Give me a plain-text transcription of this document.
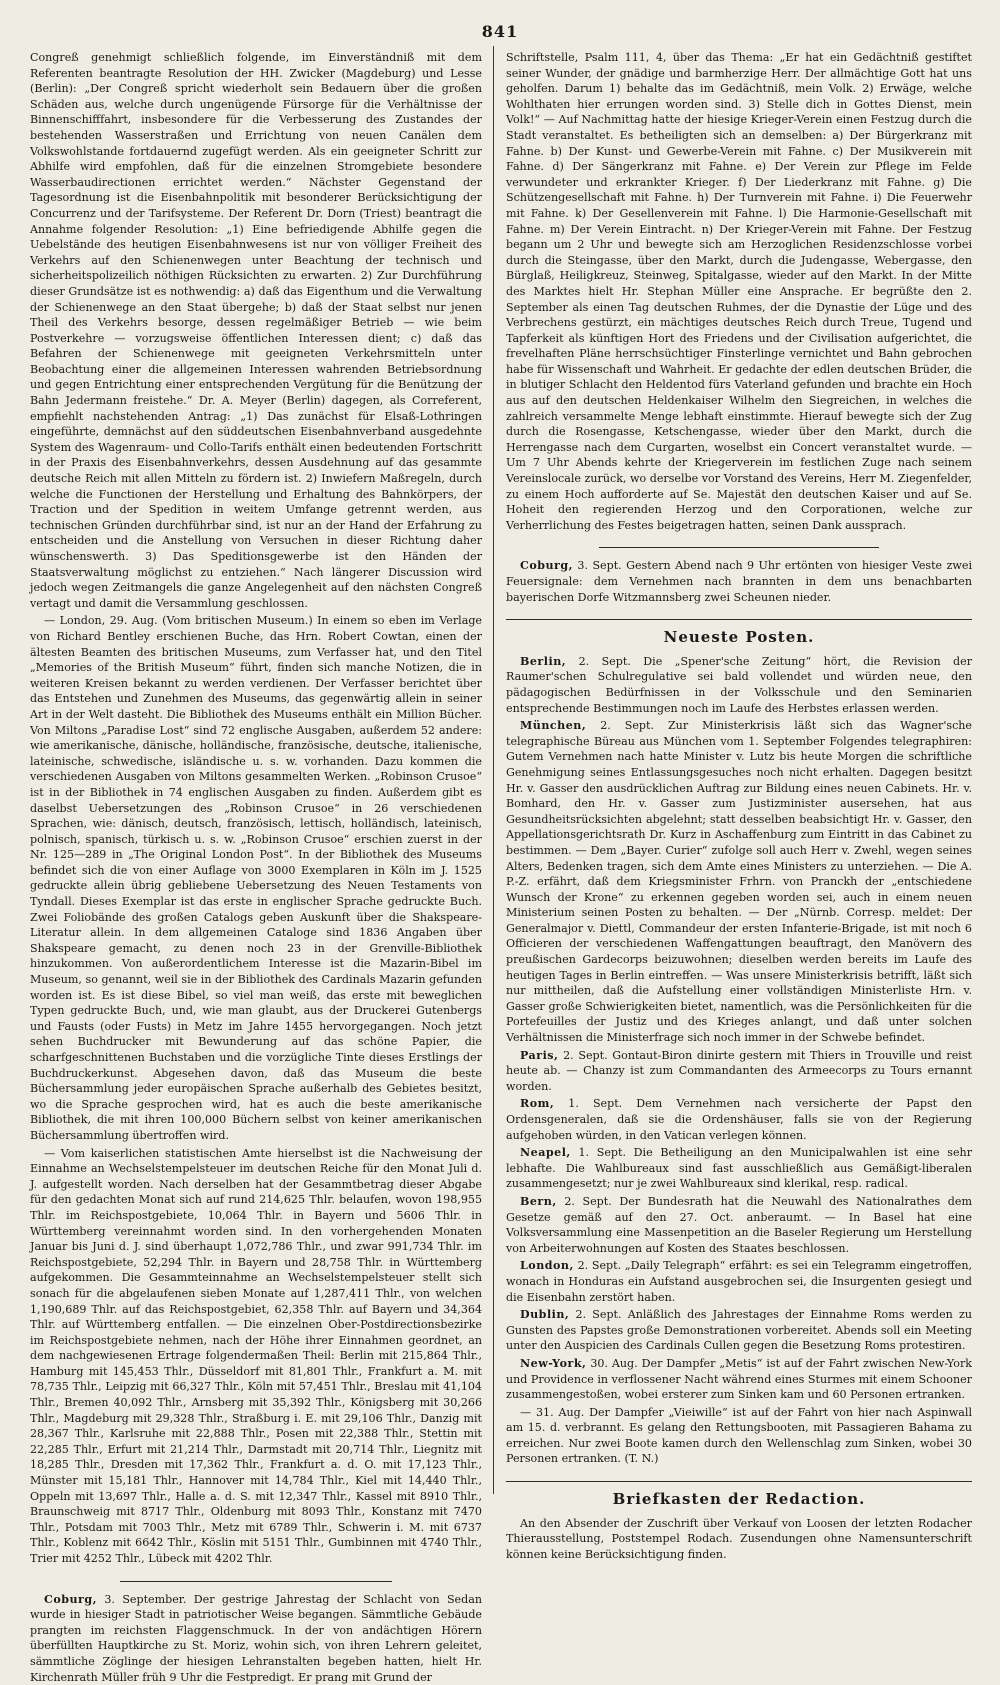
841

Congreß genehmigt schließlich folgende, im Einverständniß mit dem Referenten beantragte Resolution der HH. Zwicker (Magdeburg) und Lesse (Berlin): „Der Congreß spricht wiederholt sein Bedauern über die großen Schäden aus, welche durch ungenügende Fürsorge für die Verhältnisse der Binnenschifffahrt, insbesondere für die Verbesserung des Zustandes der bestehenden Wasserstraßen und Errichtung von neuen Canälen dem Volkswohlstande fortdauernd zugefügt werden. Als ein geeigneter Schritt zur Abhilfe wird empfohlen, daß für die einzelnen Stromgebiete besondere Wasserbaudirectionen errichtet werden.“ Nächster Gegenstand der Tagesordnung ist die Eisenbahnpolitik mit besonderer Berücksichtigung der Concurrenz und der Tarifsysteme. Der Referent Dr. Dorn (Triest) beantragt die Annahme folgender Resolution: „1) Eine befriedigende Abhilfe gegen die Uebelstände des heutigen Eisenbahnwesens ist nur von völliger Freiheit des Verkehrs auf den Schienenwegen unter Beachtung der technisch und sicherheitspolizeilich nöthigen Rücksichten zu erwarten. 2) Zur Durchführung dieser Grundsätze ist es nothwendig: a) daß das Eigenthum und die Verwaltung der Schienenwege an den Staat übergehe; b) daß der Staat selbst nur jenen Theil des Verkehrs besorge, dessen regelmäßiger Betrieb — wie beim Postverkehre — vorzugsweise öffentlichen Interessen dient; c) daß das Befahren der Schienenwege mit geeigneten Verkehrsmitteln unter Beobachtung einer die allgemeinen Interessen wahrenden Betriebsordnung und gegen Entrichtung einer entsprechenden Vergütung für die Benützung der Bahn Jedermann freistehe.“ Dr. A. Meyer (Berlin) dagegen, als Correferent, empfiehlt nachstehenden Antrag: „1) Das zunächst für Elsaß-Lothringen eingeführte, demnächst auf den süddeutschen Eisenbahnverband ausgedehnte System des Wagenraum- und Collo-Tarifs enthält einen bedeutenden Fortschritt in der Praxis des Eisenbahnverkehrs, dessen Ausdehnung auf das gesammte deutsche Reich mit allen Mitteln zu fördern ist. 2) Inwiefern Maßregeln, durch welche die Functionen der Herstellung und Erhaltung des Bahnkörpers, der Traction und der Spedition in weitem Umfange getrennt werden, aus technischen Gründen durchführbar sind, ist nur an der Hand der Erfahrung zu entscheiden und die Anstellung von Versuchen in dieser Richtung daher wünschenswerth. 3) Das Speditionsgewerbe ist den Händen der Staatsverwaltung möglichst zu entziehen.“ Nach längerer Discussion wird jedoch wegen Zeitmangels die ganze Angelegenheit auf den nächsten Congreß vertagt und damit die Versammlung geschlossen.

— London, 29. Aug. (Vom britischen Museum.) In einem so eben im Verlage von Richard Bentley erschienen Buche, das Hrn. Robert Cowtan, einen der ältesten Beamten des britischen Museums, zum Verfasser hat, und den Titel „Memories of the British Museum“ führt, finden sich manche Notizen, die in weiteren Kreisen bekannt zu werden verdienen. Der Verfasser berichtet über das Entstehen und Zunehmen des Museums, das gegenwärtig allein in seiner Art in der Welt dasteht. Die Bibliothek des Museums enthält ein Million Bücher. Von Miltons „Paradise Lost“ sind 72 englische Ausgaben, außerdem 52 andere: wie amerikanische, dänische, holländische, französische, deutsche, italienische, lateinische, schwedische, isländische u. s. w. vorhanden. Dazu kommen die verschiedenen Ausgaben von Miltons gesammelten Werken. „Robinson Crusoe“ ist in der Bibliothek in 74 englischen Ausgaben zu finden. Außerdem gibt es daselbst Uebersetzungen des „Robinson Crusoe“ in 26 verschiedenen Sprachen, wie: dänisch, deutsch, französisch, lettisch, holländisch, lateinisch, polnisch, spanisch, türkisch u. s. w. „Robinson Crusoe“ erschien zuerst in der Nr. 125—289 in „The Original London Post“. In der Bibliothek des Museums befindet sich die von einer Auflage von 3000 Exemplaren in Köln im J. 1525 gedruckte allein übrig gebliebene Uebersetzung des Neuen Testaments von Tyndall. Dieses Exemplar ist das erste in englischer Sprache gedruckte Buch. Zwei Foliobände des großen Catalogs geben Auskunft über die Shakspeare-Literatur allein. In dem allgemeinen Cataloge sind 1836 Angaben über Shakspeare gemacht, zu denen noch 23 in der Grenville-Bibliothek hinzukommen. Von außerordentlichem Interesse ist die Mazarin-Bibel im Museum, so genannt, weil sie in der Bibliothek des Cardinals Mazarin gefunden worden ist. Es ist diese Bibel, so viel man weiß, das erste mit beweglichen Typen gedruckte Buch, und, wie man glaubt, aus der Druckerei Gutenbergs und Fausts (oder Fusts) in Metz im Jahre 1455 hervorgegangen. Noch jetzt sehen Buchdrucker mit Bewunderung auf das schöne Papier, die scharfgeschnittenen Buchstaben und die vorzügliche Tinte dieses Erstlings der Buchdruckerkunst. Abgesehen davon, daß das Museum die beste Büchersammlung jeder europäischen Sprache außerhalb des Gebietes besitzt, wo die Sprache gesprochen wird, hat es auch die beste amerikanische Bibliothek, die mit ihren 100,000 Büchern selbst von keiner amerikanischen Büchersammlung übertroffen wird.

— Vom kaiserlichen statistischen Amte hierselbst ist die Nachweisung der Einnahme an Wechselstempelsteuer im deutschen Reiche für den Monat Juli d. J. aufgestellt worden. Nach derselben hat der Gesammtbetrag dieser Abgabe für den gedachten Monat sich auf rund 214,625 Thlr. belaufen, wovon 198,955 Thlr. im Reichspostgebiete, 10,064 Thlr. in Bayern und 5606 Thlr. in Württemberg vereinnahmt worden sind. In den vorhergehenden Monaten Januar bis Juni d. J. sind überhaupt 1,072,786 Thlr., und zwar 991,734 Thlr. im Reichspostgebiete, 52,294 Thlr. in Bayern und 28,758 Thlr. in Württemberg aufgekommen. Die Gesammteinnahme an Wechselstempelsteuer stellt sich sonach für die abgelaufenen sieben Monate auf 1,287,411 Thlr., von welchen 1,190,689 Thlr. auf das Reichspostgebiet, 62,358 Thlr. auf Bayern und 34,364 Thlr. auf Württemberg entfallen. — Die einzelnen Ober-Postdirectionsbezirke im Reichspostgebiete nehmen, nach der Höhe ihrer Einnahmen geordnet, an dem nachgewiesenen Ertrage folgendermaßen Theil: Berlin mit 215,864 Thlr., Hamburg mit 145,453 Thlr., Düsseldorf mit 81,801 Thlr., Frankfurt a. M. mit 78,735 Thlr., Leipzig mit 66,327 Thlr., Köln mit 57,451 Thlr., Breslau mit 41,104 Thlr., Bremen 40,092 Thlr., Arnsberg mit 35,392 Thlr., Königsberg mit 30,266 Thlr., Magdeburg mit 29,328 Thlr., Straßburg i. E. mit 29,106 Thlr., Danzig mit 28,367 Thlr., Karlsruhe mit 22,888 Thlr., Posen mit 22,388 Thlr., Stettin mit 22,285 Thlr., Erfurt mit 21,214 Thlr., Darmstadt mit 20,714 Thlr., Liegnitz mit 18,285 Thlr., Dresden mit 17,362 Thlr., Frankfurt a. d. O. mit 17,123 Thlr., Münster mit 15,181 Thlr., Hannover mit 14,784 Thlr., Kiel mit 14,440 Thlr., Oppeln mit 13,697 Thlr., Halle a. d. S. mit 12,347 Thlr., Kassel mit 8910 Thlr., Braunschweig mit 8717 Thlr., Oldenburg mit 8093 Thlr., Konstanz mit 7470 Thlr., Potsdam mit 7003 Thlr., Metz mit 6789 Thlr., Schwerin i. M. mit 6737 Thlr., Koblenz mit 6642 Thlr., Köslin mit 5151 Thlr., Gumbinnen mit 4740 Thlr., Trier mit 4252 Thlr., Lübeck mit 4202 Thlr.

Coburg, 3. September. Der gestrige Jahrestag der Schlacht von Sedan wurde in hiesiger Stadt in patriotischer Weise begangen. Sämmtliche Gebäude prangten im reichsten Flaggenschmuck. In der von andächtigen Hörern überfüllten Hauptkirche zu St. Moriz, wohin sich, von ihren Lehrern geleitet, sämmtliche Zöglinge der hiesigen Lehranstalten begeben hatten, hielt Hr. Kirchenrath Müller früh 9 Uhr die Festpredigt. Er prang mit Grund der

Schriftstelle, Psalm 111, 4, über das Thema: „Er hat ein Gedächtniß gestiftet seiner Wunder, der gnädige und barmherzige Herr. Der allmächtige Gott hat uns geholfen. Darum 1) behalte das im Gedächtniß, mein Volk. 2) Erwäge, welche Wohlthaten hier errungen worden sind. 3) Stelle dich in Gottes Dienst, mein Volk!“ — Auf Nachmittag hatte der hiesige Krieger-Verein einen Festzug durch die Stadt veranstaltet. Es betheiligten sich an demselben: a) Der Bürgerkranz mit Fahne. b) Der Kunst- und Gewerbe-Verein mit Fahne. c) Der Musikverein mit Fahne. d) Der Sängerkranz mit Fahne. e) Der Verein zur Pflege im Felde verwundeter und erkrankter Krieger. f) Der Liederkranz mit Fahne. g) Die Schützengesellschaft mit Fahne. h) Der Turnverein mit Fahne. i) Die Feuerwehr mit Fahne. k) Der Gesellenverein mit Fahne. l) Die Harmonie-Gesellschaft mit Fahne. m) Der Verein Eintracht. n) Der Krieger-Verein mit Fahne. Der Festzug begann um 2 Uhr und bewegte sich am Herzoglichen Residenzschlosse vorbei durch die Steingasse, über den Markt, durch die Judengasse, Webergasse, den Bürglaß, Heiligkreuz, Steinweg, Spitalgasse, wieder auf den Markt. In der Mitte des Marktes hielt Hr. Stephan Müller eine Ansprache. Er begrüßte den 2. September als einen Tag deutschen Ruhmes, der die Dynastie der Lüge und des Verbrechens gestürzt, ein mächtiges deutsches Reich durch Treue, Tugend und Tapferkeit als künftigen Hort des Friedens und der Civilisation aufgerichtet, die frevelhaften Pläne herrschsüchtiger Finsterlinge vernichtet und Bahn gebrochen habe für Wissenschaft und Wahrheit. Er gedachte der edlen deutschen Brüder, die in blutiger Schlacht den Heldentod fürs Vaterland gefunden und brachte ein Hoch aus auf den deutschen Heldenkaiser Wilhelm den Siegreichen, in welches die zahlreich versammelte Menge lebhaft einstimmte. Hierauf bewegte sich der Zug durch die Rosengasse, Ketschengasse, wieder über den Markt, durch die Herrengasse nach dem Curgarten, woselbst ein Concert veranstaltet wurde. — Um 7 Uhr Abends kehrte der Kriegerverein im festlichen Zuge nach seinem Vereinslocale zurück, wo derselbe vor Vorstand des Vereins, Herr M. Ziegenfelder, zu einem Hoch aufforderte auf Se. Majestät den deutschen Kaiser und auf Se. Hoheit den regierenden Herzog und den Corporationen, welche zur Verherrlichung des Festes beigetragen hatten, seinen Dank aussprach.

Coburg, 3. Sept. Gestern Abend nach 9 Uhr ertönten von hiesiger Veste zwei Feuersignale: dem Vernehmen nach brannten in dem uns benachbarten bayerischen Dorfe Witzmannsberg zwei Scheunen nieder.

Neueste Posten.

Berlin, 2. Sept. Die „Spener'sche Zeitung“ hört, die Revision der Raumer'schen Schulregulative sei bald vollendet und würden neue, den pädagogischen Bedürfnissen in der Volksschule und den Seminarien entsprechende Bestimmungen noch im Laufe des Herbstes erlassen werden.

München, 2. Sept. Zur Ministerkrisis läßt sich das Wagner'sche telegraphische Büreau aus München vom 1. September Folgendes telegraphiren: Gutem Vernehmen nach hatte Minister v. Lutz bis heute Morgen die schriftliche Genehmigung seines Entlassungsgesuches noch nicht erhalten. Dagegen besitzt Hr. v. Gasser den ausdrücklichen Auftrag zur Bildung eines neuen Cabinets. Hr. v. Bomhard, den Hr. v. Gasser zum Justizminister ausersehen, hat aus Gesundheitsrücksichten abgelehnt; statt desselben beabsichtigt Hr. v. Gasser, den Appellationsgerichtsrath Dr. Kurz in Aschaffenburg zum Eintritt in das Cabinet zu bestimmen. — Dem „Bayer. Curier“ zufolge soll auch Herr v. Zwehl, wegen seines Alters, Bedenken tragen, sich dem Amte eines Ministers zu unterziehen. — Die A. P.-Z. erfährt, daß dem Kriegsminister Frhrn. von Pranckh der „entschiedene Wunsch der Krone“ zu erkennen gegeben worden sei, auch in einem neuen Ministerium seinen Posten zu behalten. — Der „Nürnb. Corresp. meldet: Der Generalmajor v. Diettl, Commandeur der ersten Infanterie-Brigade, ist mit noch 6 Officieren der verschiedenen Waffengattungen beauftragt, den Manövern des preußischen Gardecorps beizuwohnen; dieselben werden bereits im Laufe des heutigen Tages in Berlin eintreffen. — Was unsere Ministerkrisis betrifft, läßt sich nur mittheilen, daß die Aufstellung einer vollständigen Ministerliste Hrn. v. Gasser große Schwierigkeiten bietet, namentlich, was die Persönlichkeiten für die Portefeuilles der Justiz und des Krieges anlangt, und daß unter solchen Verhältnissen die Ministerfrage sich noch immer in der Schwebe befindet.

Paris, 2. Sept. Gontaut-Biron dinirte gestern mit Thiers in Trouville und reist heute ab. — Chanzy ist zum Commandanten des Armeecorps zu Tours ernannt worden.

Rom, 1. Sept. Dem Vernehmen nach versicherte der Papst den Ordensgeneralen, daß sie die Ordenshäuser, falls sie von der Regierung aufgehoben würden, in den Vatican verlegen können.

Neapel, 1. Sept. Die Betheiligung an den Municipalwahlen ist eine sehr lebhafte. Die Wahlbureaux sind fast ausschließlich aus Gemäßigt-liberalen zusammengesetzt; nur je zwei Wahlbureaux sind klerikal, resp. radical.

Bern, 2. Sept. Der Bundesrath hat die Neuwahl des Nationalrathes dem Gesetze gemäß auf den 27. Oct. anberaumt. — In Basel hat eine Volksversammlung eine Massenpetition an die Baseler Regierung um Herstellung von Arbeiterwohnungen auf Kosten des Staates beschlossen.

London, 2. Sept. „Daily Telegraph“ erfährt: es sei ein Telegramm eingetroffen, wonach in Honduras ein Aufstand ausgebrochen sei, die Insurgenten gesiegt und die Eisenbahn zerstört haben.

Dublin, 2. Sept. Anläßlich des Jahrestages der Einnahme Roms werden zu Gunsten des Papstes große Demonstrationen vorbereitet. Abends soll ein Meeting unter den Auspicien des Cardinals Cullen gegen die Besetzung Roms protestiren.

New-York, 30. Aug. Der Dampfer „Metis“ ist auf der Fahrt zwischen New-York und Providence in verflossener Nacht während eines Sturmes mit einem Schooner zusammengestoßen, wobei ersterer zum Sinken kam und 60 Personen ertranken.

— 31. Aug. Der Dampfer „Vieiwille“ ist auf der Fahrt von hier nach Aspinwall am 15. d. verbrannt. Es gelang den Rettungsbooten, mit Passagieren Bahama zu erreichen. Nur zwei Boote kamen durch den Wellenschlag zum Sinken, wobei 30 Personen ertranken. (T. N.)

Briefkasten der Redaction.

An den Absender der Zuschrift über Verkauf von Loosen der letzten Rodacher Thierausstellung, Poststempel Rodach. Zusendungen ohne Namensunterschrift können keine Berücksichtigung finden.
